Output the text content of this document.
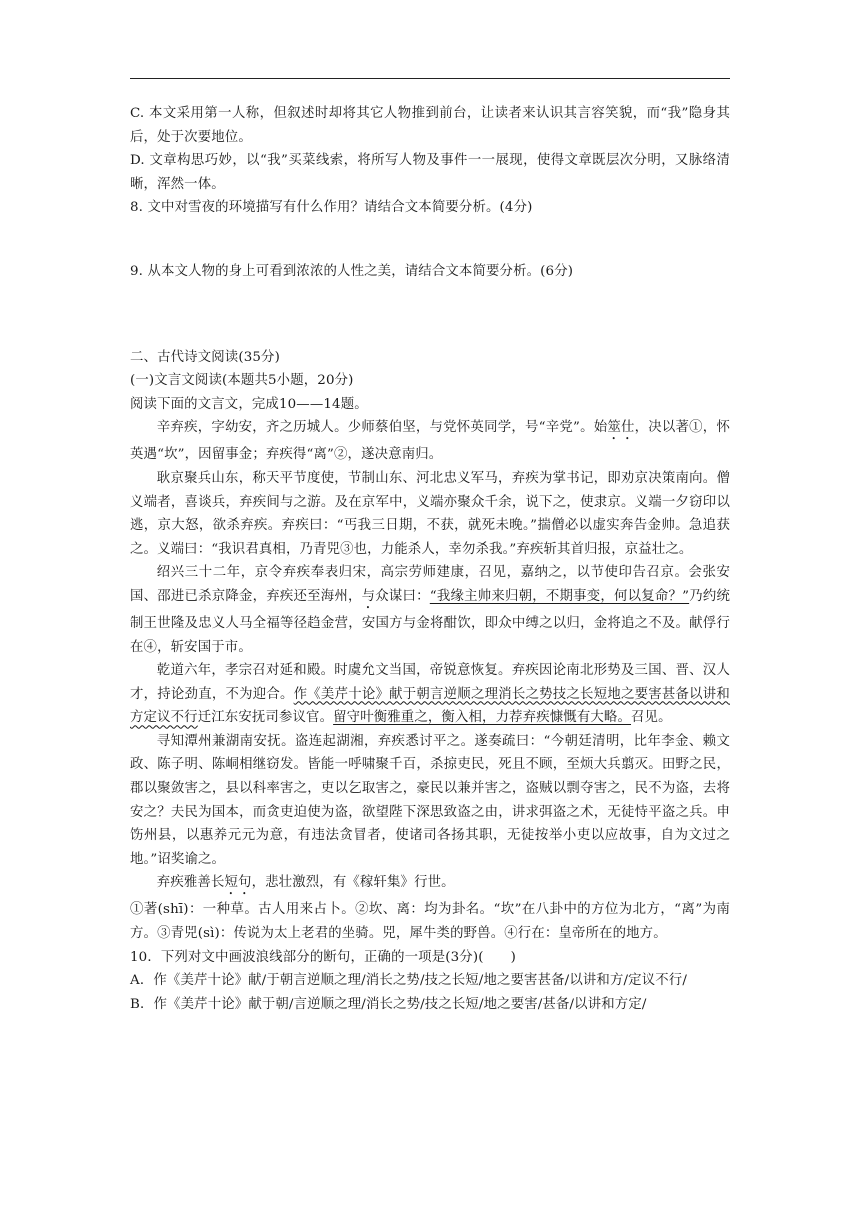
C. 本文采用第一人称，但叙述时却将其它人物推到前台，让读者来认识其言容笑貌，而“我”隐身其后，处于次要地位。

D. 文章构思巧妙，以“我”买菜线索，将所写人物及事件一一展现，使得文章既层次分明，又脉络清晰，浑然一体。

8. 文中对雪夜的环境描写有什么作用？请结合文本简要分析。(4分)

9. 从本文人物的身上可看到浓浓的人性之美，请结合文本简要分析。(6分)

二、古代诗文阅读(35分)

(一)文言文阅读(本题共5小题，20分)

阅读下面的文言文，完成10——14题。

辛弃疾，字幼安，齐之历城人。少师蔡伯坚，与党怀英同学，号“辛党”。始筮仕，决以著①，怀英遇“坎”，因留事金；弃疾得“离”②，遂决意南归。

耿京聚兵山东，称天平节度使，节制山东、河北忠义军马，弃疾为掌书记，即劝京决策南向。僧义端者，喜谈兵，弃疾间与之游。及在京军中，义端亦聚众千余，说下之，使隶京。义端一夕窃印以逃，京大怒，欲杀弃疾。弃疾曰：“丐我三日期，不获，就死未晚。”揣僧必以虚实奔告金帅。急追获之。义端曰：“我识君真相，乃青兕③也，力能杀人，幸勿杀我。”弃疾斩其首归报，京益壮之。

绍兴三十二年，京令弃疾奉表归宋，高宗劳师建康，召见，嘉纳之，以节使印告召京。会张安国、邵进已杀京降金，弃疾还至海州，与众谋曰：“我缘主帅来归朝，不期事变，何以复命？”乃约统制王世隆及忠义人马全福等径趋金营，安国方与金将酣饮，即众中缚之以归，金将追之不及。献俘行在④，斩安国于市。

乾道六年，孝宗召对延和殿。时虞允文当国，帝锐意恢复。弃疾因论南北形势及三国、晋、汉人才，持论劲直，不为迎合。作《美芹十论》献于朝言逆顺之理消长之势技之长短地之要害甚备以讲和方定议不行迁江东安抚司参议官。留守叶衡雅重之，衡入相，力荐弃疾慷慨有大略。召见。

寻知潭州兼湖南安抚。盗连起湖湘，弃疾悉讨平之。遂奏疏曰：“今朝廷清明，比年李金、赖文政、陈子明、陈峒相继窃发。皆能一呼啸聚千百，杀掠吏民，死且不顾，至烦大兵翦灭。田野之民，郡以聚敛害之，县以科率害之，吏以乞取害之，豪民以兼并害之，盗贼以剽夺害之，民不为盗，去将安之？夫民为国本，而贪吏迫使为盗，欲望陛下深思致盗之由，讲求弭盗之术，无徒恃平盗之兵。申饬州县，以惠养元元为意，有违法贪冒者，使诸司各扬其职，无徒按举小吏以应故事，自为文过之地。”诏奖谕之。

弃疾雅善长短句，悲壮激烈，有《稼轩集》行世。

①著(shī)：一种草。古人用来占卜。②坎、离：均为卦名。“坎”在八卦中的方位为北方，“离”为南方。③青兕(sì)：传说为太上老君的坐骑。兕，犀牛类的野兽。④行在：皇帝所在的地方。

10．下列对文中画波浪线部分的断句，正确的一项是(3分)(　　)

A．作《美芹十论》献/于朝言逆顺之理/消长之势/技之长短/地之要害甚备/以讲和方/定议不行/

B．作《美芹十论》献于朝/言逆顺之理/消长之势/技之长短/地之要害/甚备/以讲和方定/
